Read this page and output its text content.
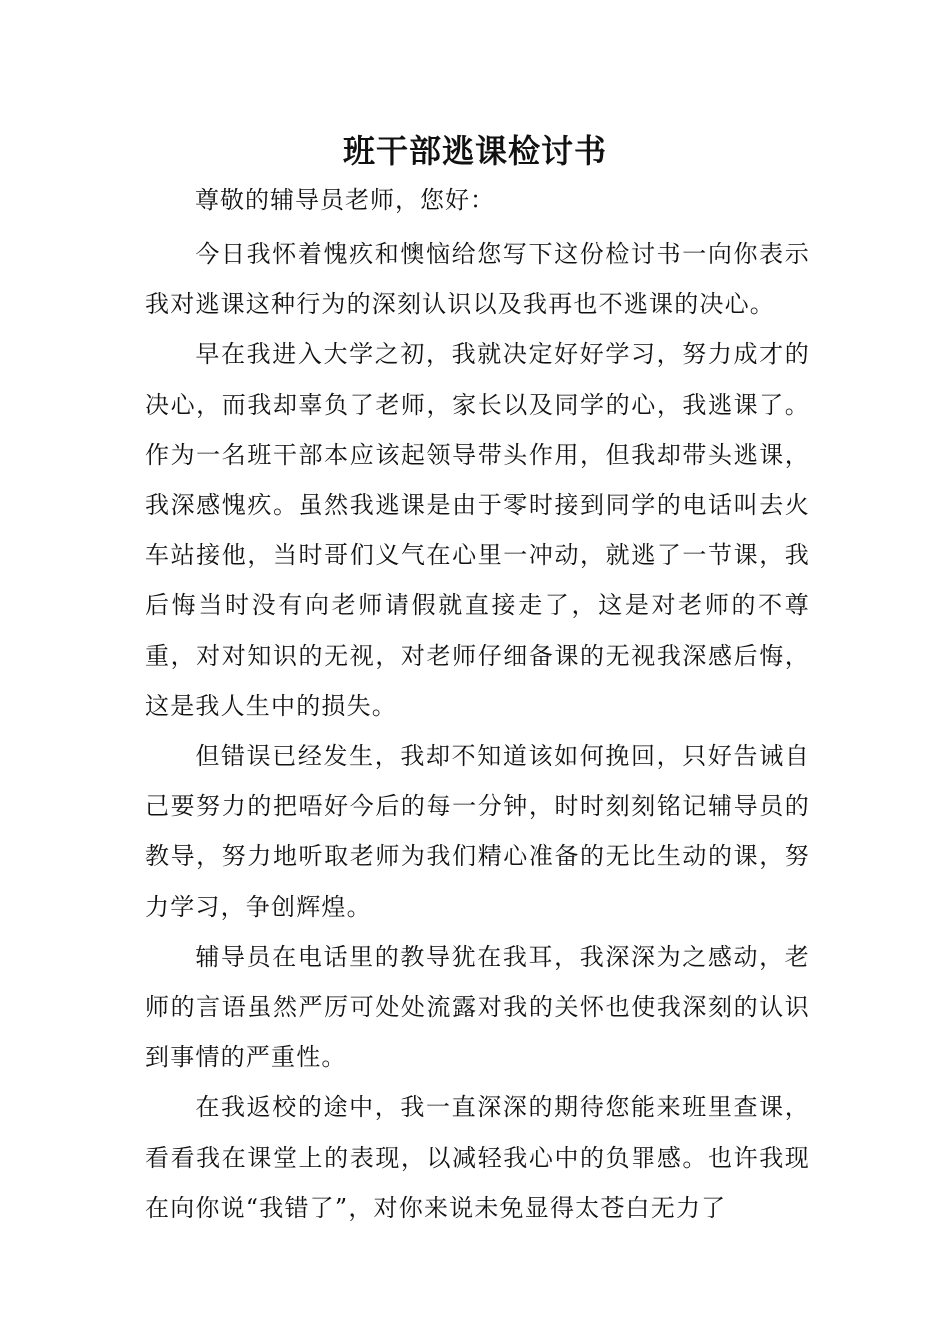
班干部逃课检讨书
尊敬的辅导员老师，您好：

今日我怀着愧疚和懊恼给您写下这份检讨书一向你表示我对逃课这种行为的深刻认识以及我再也不逃课的决心。

早在我进入大学之初，我就决定好好学习，努力成才的决心，而我却辜负了老师，家长以及同学的心，我逃课了。作为一名班干部本应该起领导带头作用，但我却带头逃课，我深感愧疚。虽然我逃课是由于零时接到同学的电话叫去火车站接他，当时哥们义气在心里一冲动，就逃了一节课，我后悔当时没有向老师请假就直接走了，这是对老师的不尊重，对对知识的无视，对老师仔细备课的无视我深感后悔，这是我人生中的损失。

但错误已经发生，我却不知道该如何挽回，只好告诫自己要努力的把唔好今后的每一分钟，时时刻刻铭记辅导员的教导，努力地听取老师为我们精心准备的无比生动的课，努力学习，争创辉煌。

辅导员在电话里的教导犹在我耳，我深深为之感动，老师的言语虽然严厉可处处流露对我的关怀也使我深刻的认识到事情的严重性。

在我返校的途中，我一直深深的期待您能来班里查课，看看我在课堂上的表现，以减轻我心中的负罪感。也许我现在向你说“我错了”，对你来说未免显得太苍白无力了
